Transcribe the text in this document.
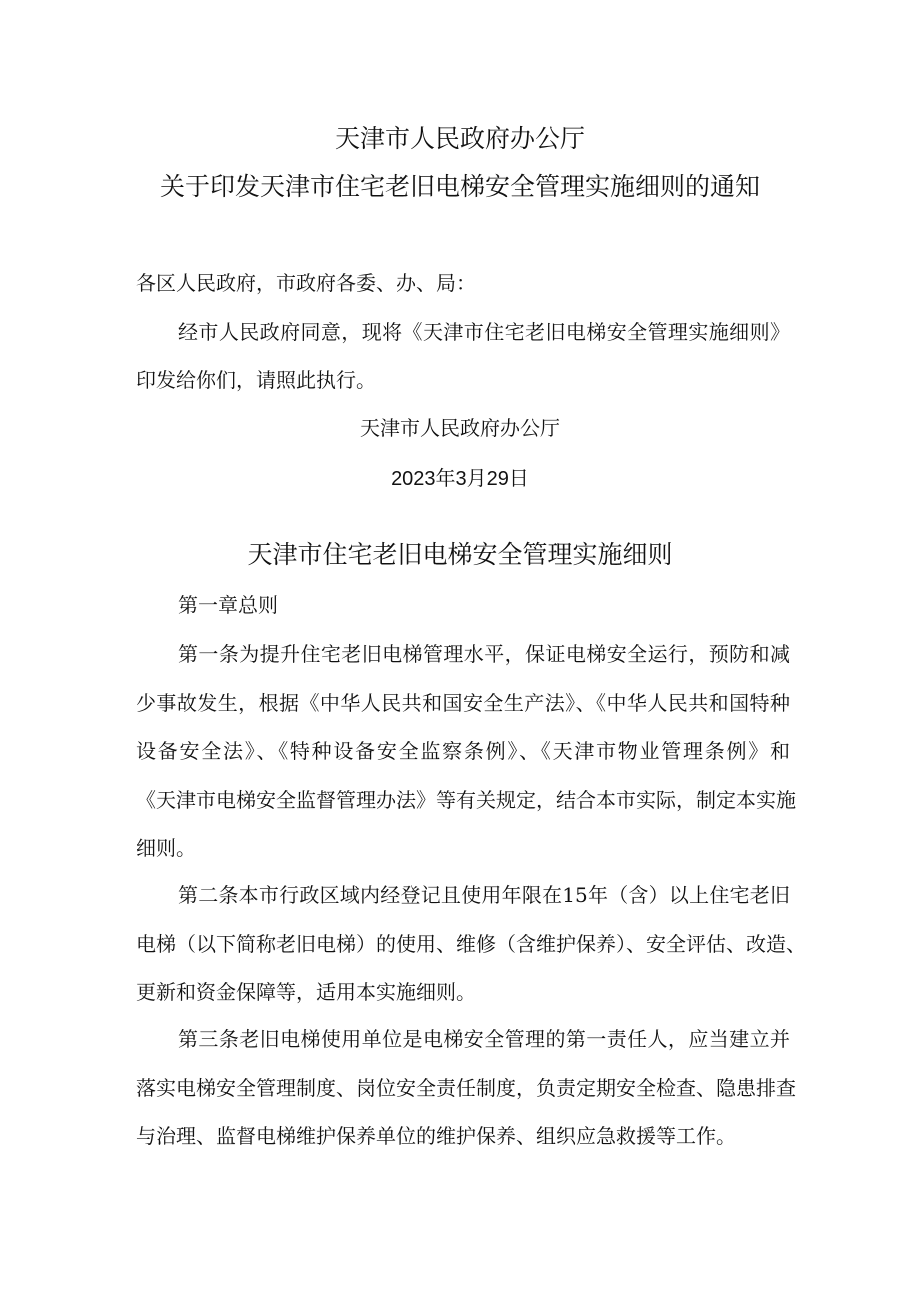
天津市人民政府办公厅
关于印发天津市住宅老旧电梯安全管理实施细则的通知
各区人民政府，市政府各委、办、局：
经市人民政府同意，现将《天津市住宅老旧电梯安全管理实施细则》
印发给你们，请照此执行。
天津市人民政府办公厅
2023年3月29日
天津市住宅老旧电梯安全管理实施细则
第一章总则
第一条为提升住宅老旧电梯管理水平，保证电梯安全运行，预防和减
少事故发生，根据《中华人民共和国安全生产法》、《中华人民共和国特种
设备安全法》、《特种设备安全监察条例》、《天津市物业管理条例》和
《天津市电梯安全监督管理办法》等有关规定，结合本市实际，制定本实施
细则。
第二条本市行政区域内经登记且使用年限在15年（含）以上住宅老旧
电梯（以下简称老旧电梯）的使用、维修（含维护保养）、安全评估、改造、
更新和资金保障等，适用本实施细则。
第三条老旧电梯使用单位是电梯安全管理的第一责任人，应当建立并
落实电梯安全管理制度、岗位安全责任制度，负责定期安全检查、隐患排查
与治理、监督电梯维护保养单位的维护保养、组织应急救援等工作。
